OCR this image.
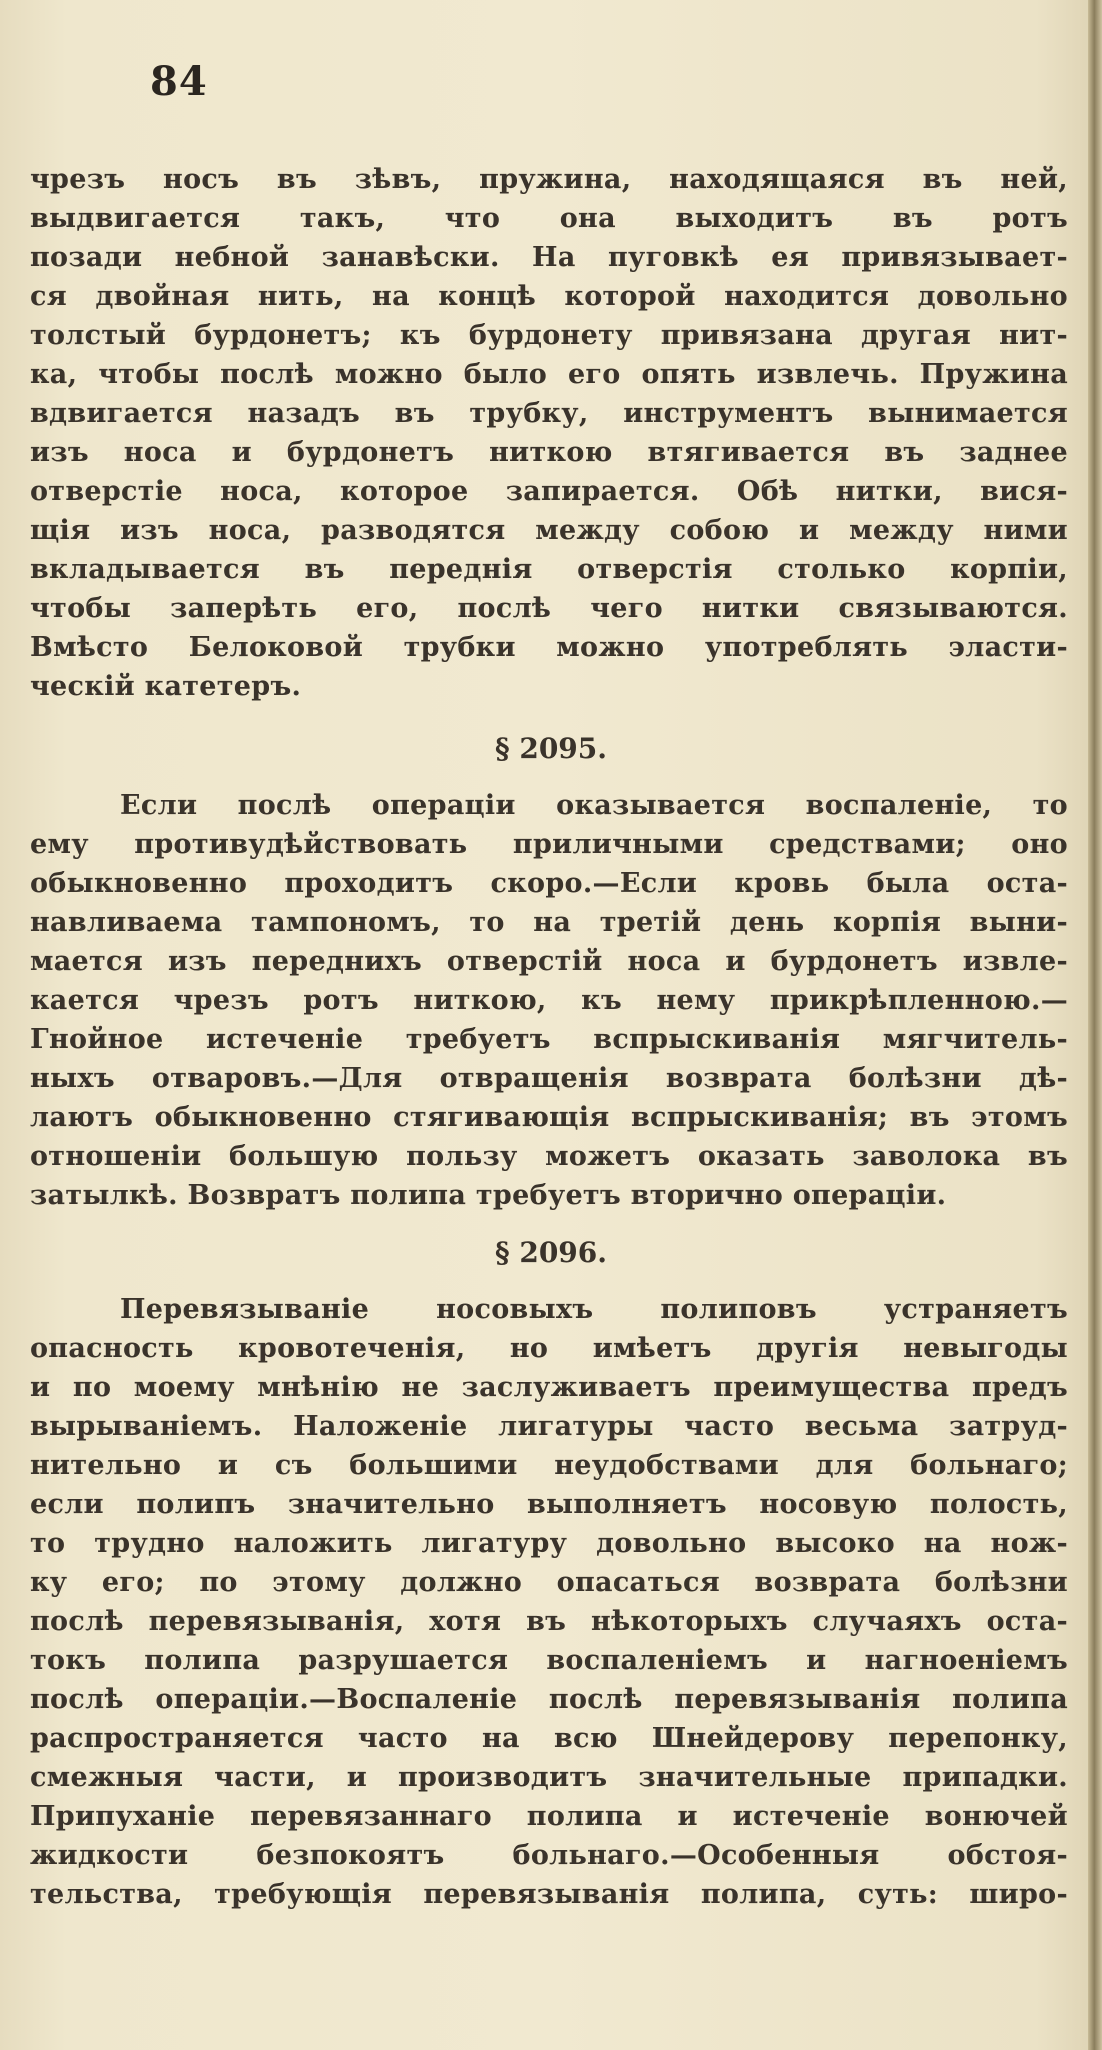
84
чрезъ носъ въ зѣвъ, пружина, находящаяся въ ней,
выдвигается такъ, что она выходитъ въ ротъ
позади небной занавѣски. На пуговкѣ ея привязывает-
ся двойная нить, на концѣ которой находится довольно
толстый бурдонетъ; къ бурдонету привязана другая нит-
ка, чтобы послѣ можно было его опять извлечь. Пружина
вдвигается назадъ въ трубку, инструментъ вынимается
изъ носа и бурдонетъ ниткою втягивается въ заднее
отверстіе носа, которое запирается. Обѣ нитки, вися-
щія изъ носа, разводятся между собою и между ними
вкладывается въ переднія отверстія столько корпіи,
чтобы заперѣть его, послѣ чего нитки связываются.
Вмѣсто Белоковой трубки можно употреблять эласти-
ческій катетеръ.
§ 2095.
Если послѣ операціи оказывается воспаленіе, то
ему противудѣйствовать приличными средствами; оно
обыкновенно проходитъ скоро.—Если кровь была оста-
навливаема тампономъ, то на третій день корпія выни-
мается изъ переднихъ отверстій носа и бурдонетъ извле-
кается чрезъ ротъ ниткою, къ нему прикрѣпленною.—
Гнойное истеченіе требуетъ вспрыскиванія мягчитель-
ныхъ отваровъ.—Для отвращенія возврата болѣзни дѣ-
лаютъ обыкновенно стягивающія вспрыскиванія; въ этомъ
отношеніи большую пользу можетъ оказать заволока въ
затылкѣ. Возвратъ полипа требуетъ вторично операціи.
§ 2096.
Перевязываніе носовыхъ полиповъ устраняетъ
опасность кровотеченія, но имѣетъ другія невыгоды
и по моему мнѣнію не заслуживаетъ преимущества предъ
вырываніемъ. Наложеніе лигатуры часто весьма затруд-
нительно и съ большими неудобствами для больнаго;
если полипъ значительно выполняетъ носовую полость,
то трудно наложить лигатуру довольно высоко на нож-
ку его; по этому должно опасаться возврата болѣзни
послѣ перевязыванія, хотя въ нѣкоторыхъ случаяхъ оста-
токъ полипа разрушается воспаленіемъ и нагноеніемъ
послѣ операціи.—Воспаленіе послѣ перевязыванія полипа
распространяется часто на всю Шнейдерову перепонку,
смежныя части, и производитъ значительные припадки.
Припуханіе перевязаннаго полипа и истеченіе вонючей
жидкости безпокоятъ больнаго.—Особенныя обстоя-
тельства, требующія перевязыванія полипа, суть: широ-
